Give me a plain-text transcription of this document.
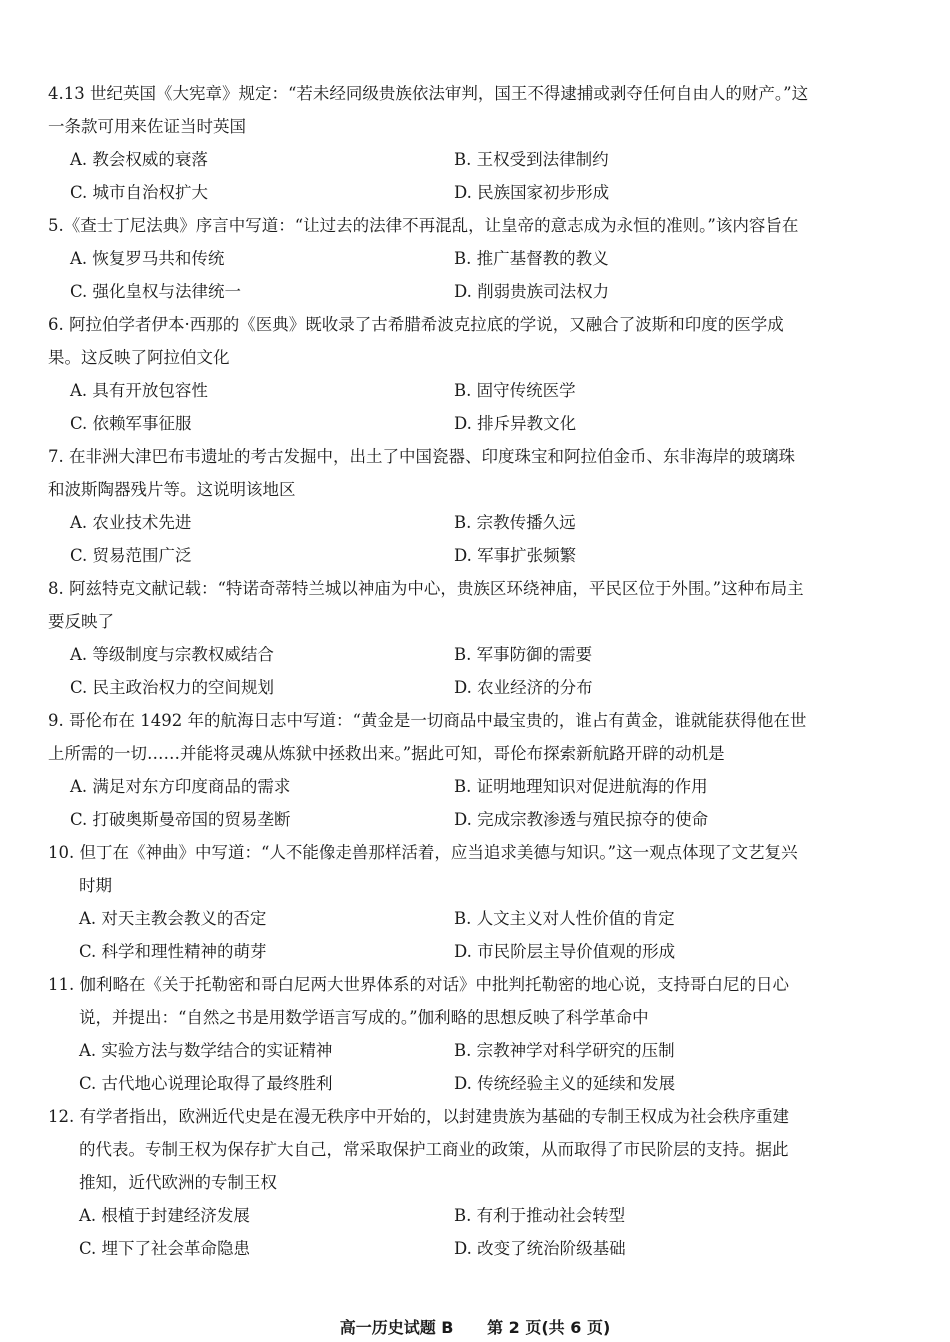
4.13 世纪英国《大宪章》规定：“若未经同级贵族依法审判，国王不得逮捕或剥夺任何自由人的财产。”这
一条款可用来佐证当时英国
A. 教会权威的衰落	B. 王权受到法律制约
C. 城市自治权扩大	D. 民族国家初步形成
5.《查士丁尼法典》序言中写道：“让过去的法律不再混乱，让皇帝的意志成为永恒的准则。”该内容旨在
A. 恢复罗马共和传统	B. 推广基督教的教义
C. 强化皇权与法律统一	D. 削弱贵族司法权力
6. 阿拉伯学者伊本·西那的《医典》既收录了古希腊希波克拉底的学说，又融合了波斯和印度的医学成
果。这反映了阿拉伯文化
A. 具有开放包容性	B. 固守传统医学
C. 依赖军事征服	D. 排斥异教文化
7. 在非洲大津巴布韦遗址的考古发掘中，出土了中国瓷器、印度珠宝和阿拉伯金币、东非海岸的玻璃珠
和波斯陶器残片等。这说明该地区
A. 农业技术先进	B. 宗教传播久远
C. 贸易范围广泛	D. 军事扩张频繁
8. 阿兹特克文献记载：“特诺奇蒂特兰城以神庙为中心，贵族区环绕神庙，平民区位于外围。”这种布局主
要反映了
A. 等级制度与宗教权威结合	B. 军事防御的需要
C. 民主政治权力的空间规划	D. 农业经济的分布
9. 哥伦布在 1492 年的航海日志中写道：“黄金是一切商品中最宝贵的，谁占有黄金，谁就能获得他在世
上所需的一切……并能将灵魂从炼狱中拯救出来。”据此可知，哥伦布探索新航路开辟的动机是
A. 满足对东方印度商品的需求	B. 证明地理知识对促进航海的作用
C. 打破奥斯曼帝国的贸易垄断	D. 完成宗教渗透与殖民掠夺的使命
10. 但丁在《神曲》中写道：“人不能像走兽那样活着，应当追求美德与知识。”这一观点体现了文艺复兴
时期
A. 对天主教会教义的否定	B. 人文主义对人性价值的肯定
C. 科学和理性精神的萌芽	D. 市民阶层主导价值观的形成
11. 伽利略在《关于托勒密和哥白尼两大世界体系的对话》中批判托勒密的地心说，支持哥白尼的日心
说，并提出：“自然之书是用数学语言写成的。”伽利略的思想反映了科学革命中
A. 实验方法与数学结合的实证精神	B. 宗教神学对科学研究的压制
C. 古代地心说理论取得了最终胜利	D. 传统经验主义的延续和发展
12. 有学者指出，欧洲近代史是在漫无秩序中开始的，以封建贵族为基础的专制王权成为社会秩序重建
的代表。专制王权为保存扩大自己，常采取保护工商业的政策，从而取得了市民阶层的支持。据此
推知，近代欧洲的专制王权
A. 根植于封建经济发展	B. 有利于推动社会转型
C. 埋下了社会革命隐患	D. 改变了统治阶级基础
高一历史试题 B 第 2 页(共 6 页)
